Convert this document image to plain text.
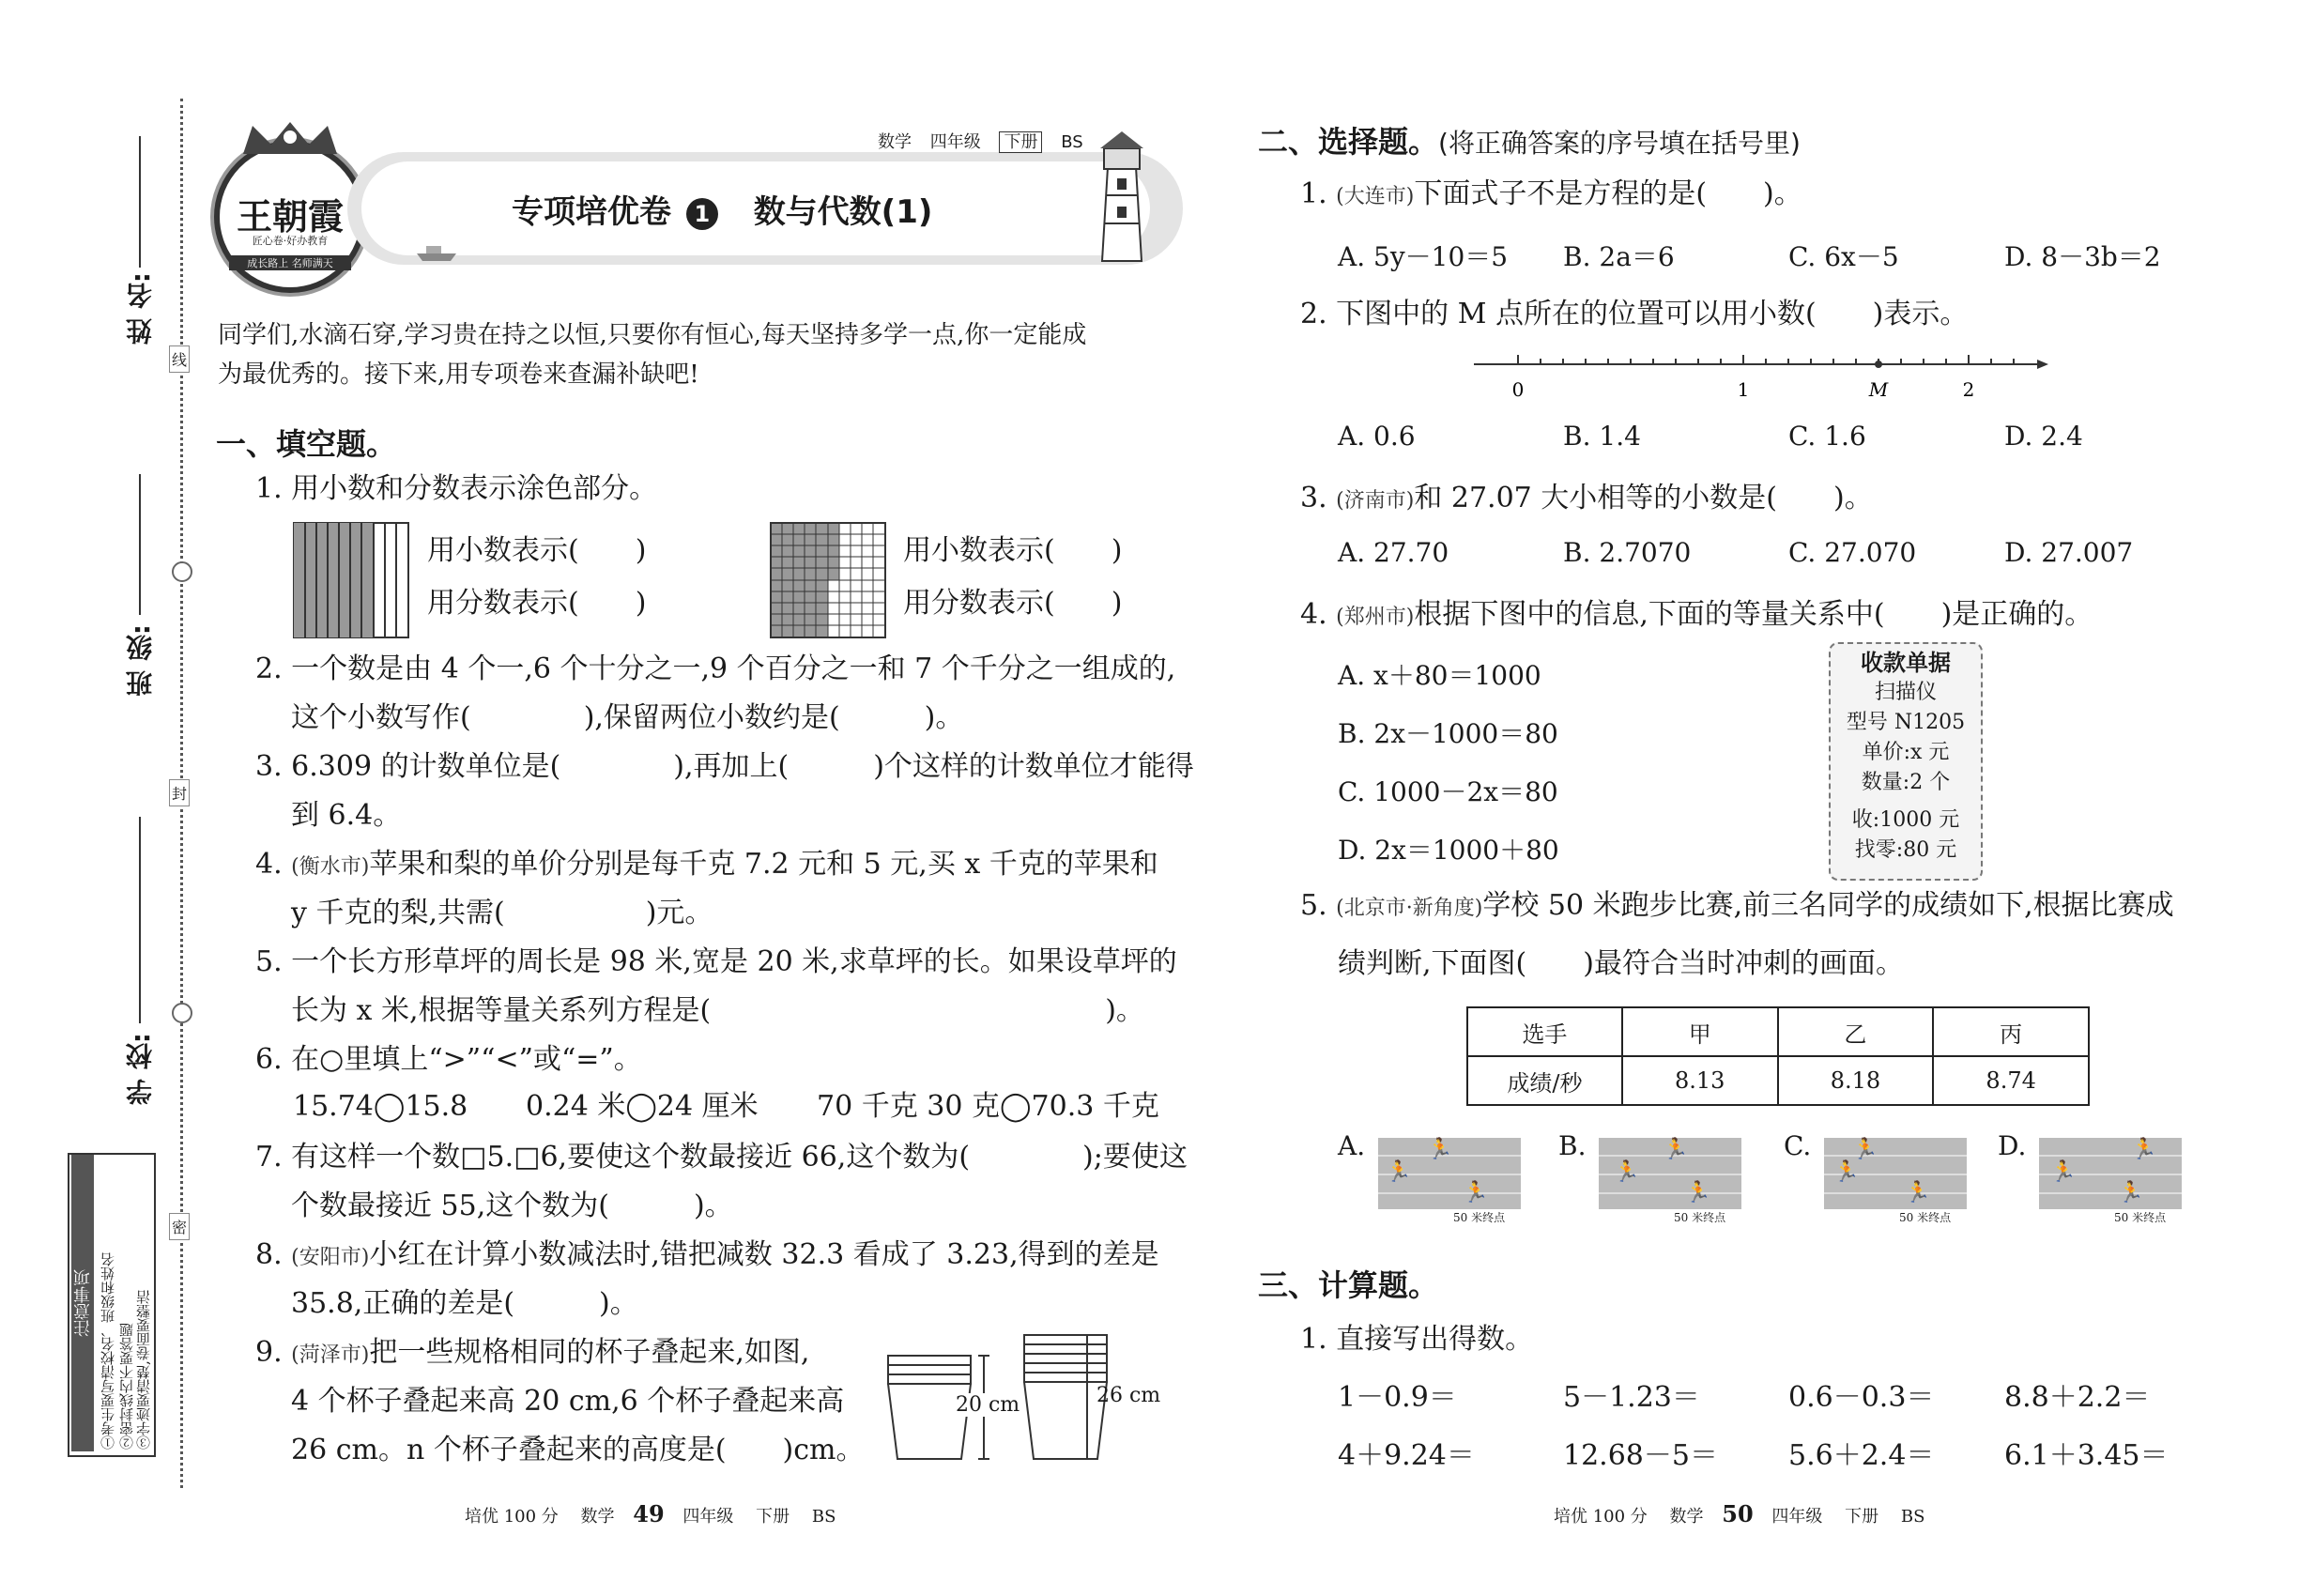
姓 名:
班 级:
学 校:
线
封
密
注意事项 ①考生要写清校名、班级和姓名 ②密封线内不要答题 ③字迹要清楚,卷面要整洁
王朝霞
匠心卷·好办教育
成长路上 名师满天
数学 四年级 下册 BS
专项培优卷 1 数与代数(1)
同学们,水滴石穿,学习贵在持之以恒,只要你有恒心,每天坚持多学一点,你一定能成
为最优秀的。接下来,用专项卷来查漏补缺吧!
一、填空题。
1. 用小数和分数表示涂色部分。
用小数表示(　　)
用分数表示(　　)
用小数表示(　　)
用分数表示(　　)
2. 一个数是由 4 个一,6 个十分之一,9 个百分之一和 7 个千分之一组成的,
这个小数写作(　　　　),保留两位小数约是(　　　)。
3. 6.309 的计数单位是(　　　　),再加上(　　　)个这样的计数单位才能得
到 6.4。
4. (衡水市)苹果和梨的单价分别是每千克 7.2 元和 5 元,买 x 千克的苹果和
y 千克的梨,共需(　　　　　)元。
5. 一个长方形草坪的周长是 98 米,宽是 20 米,求草坪的长。如果设草坪的
长为 x 米,根据等量关系列方程是(　　　　　　　　　　　　　　)。
6. 在○里填上“>”“<”或“=”。
15.74◯15.8 0.24 米◯24 厘米 70 千克 30 克◯70.3 千克
7. 有这样一个数□5.□6,要使这个数最接近 66,这个数为(　　　　);要使这
个数最接近 55,这个数为(　　　)。
8. (安阳市)小红在计算小数减法时,错把减数 32.3 看成了 3.23,得到的差是
35.8,正确的差是(　　　)。
9. (菏泽市)把一些规格相同的杯子叠起来,如图,
4 个杯子叠起来高 20 cm,6 个杯子叠起来高
26 cm。n 个杯子叠起来的高度是(　　)cm。
20 cm	26 cm
培优 100 分　 数学 49 四年级　 下册　 BS
二、选择题。(将正确答案的序号填在括号里)
1. (大连市)下面式子不是方程的是(　　)。
A. 5y－10＝5 B. 2a＝6	C. 6x－5	D. 8－3b＝2
2. 下图中的 M 点所在的位置可以用小数(　　)表示。
0	1	M	2
A. 0.6	B. 1.4	C. 1.6	D. 2.4
3. (济南市)和 27.07 大小相等的小数是(　　)。
A. 27.70	B. 2.7070	C. 27.070	D. 27.007
4. (郑州市)根据下图中的信息,下面的等量关系中(　　)是正确的。
A. x＋80＝1000
B. 2x－1000＝80
C. 1000－2x＝80
D. 2x＝1000＋80
收款单据
扫描仪
型号 N1205
单价:x 元
数量:2 个
收:1000 元
找零:80 元
5. (北京市·新角度)学校 50 米跑步比赛,前三名同学的成绩如下,根据比赛成
绩判断,下面图(　　)最符合当时冲刺的画面。
选手	甲	乙	丙
成绩/秒	8.13	8.18	8.74
A.	🏃
🏃
🏃
50 米终点
B.	🏃
🏃
🏃
50 米终点
C. 🏃
🏃
🏃
50 米终点
D.	🏃
🏃
🏃
50 米终点
三、计算题。
1. 直接写出得数。
1－0.9＝	5－1.23＝	0.6－0.3＝ 8.8＋2.2＝
4＋9.24＝	12.68－5＝	5.6＋2.4＝ 6.1＋3.45＝
培优 100 分　 数学 50 四年级　 下册　 BS
